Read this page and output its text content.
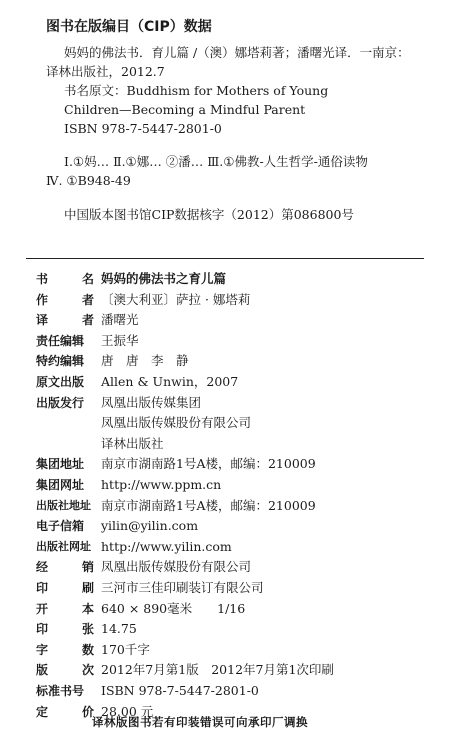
图书在版编目（CIP）数据
妈妈的佛法书．育儿篇 /（澳）娜塔莉著；潘曙光译．一南京：
译林出版社，2012.7
书名原文：Buddhism for Mothers of Young
Children—Becoming a Mindful Parent
ISBN 978-7-5447-2801-0
Ⅰ.①妈… Ⅱ.①娜… ②潘… Ⅲ.①佛教-人生哲学-通俗读物
Ⅳ. ①B948-49
中国版本图书馆CIP数据核字（2012）第086800号
书	名 妈妈的佛法书之育儿篇
作	者 〔澳大利亚〕萨拉 · 娜塔莉
译	者 潘曙光
责任编辑 王振华
特约编辑 唐　唐　李　静
原文出版 Allen & Unwin，2007
出版发行 凤凰出版传媒集团
凤凰出版传媒股份有限公司
译林出版社
集团地址 南京市湖南路1号A楼，邮编：210009
集团网址 http://www.ppm.cn
出版社地址 南京市湖南路1号A楼，邮编：210009
电子信箱 yilin@yilin.com
出版社网址 http://www.yilin.com
经	销 凤凰出版传媒股份有限公司
印	刷 三河市三佳印刷装订有限公司
开	本 640 × 890毫米　　1/16
印	张 14.75
字	数 170千字
版	次 2012年7月第1版　2012年7月第1次印刷
标准书号 ISBN 978-7-5447-2801-0
定	价 28.00 元
译林版图书若有印装错误可向承印厂调换
